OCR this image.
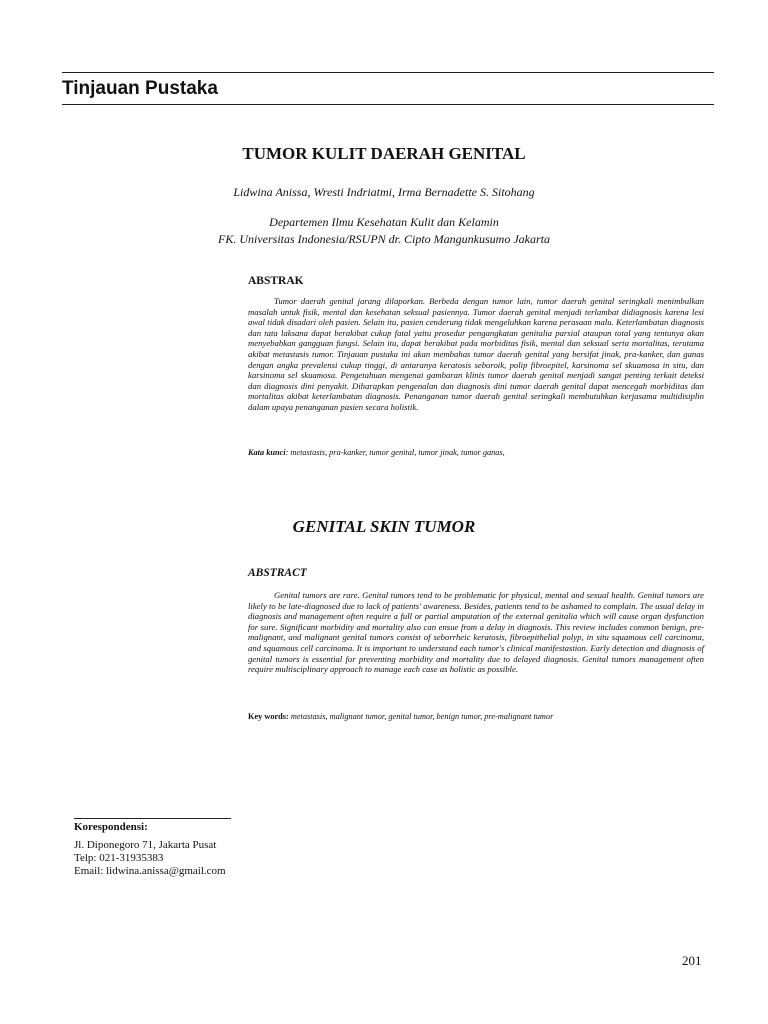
Tinjauan Pustaka
TUMOR KULIT DAERAH GENITAL
Lidwina Anissa, Wresti Indriatmi, Irma Bernadette S. Sitohang
Departemen Ilmu Kesehatan Kulit dan Kelamin
FK. Universitas Indonesia/RSUPN dr. Cipto Mangunkusumo Jakarta
ABSTRAK
Tumor daerah genital jarang dilaporkan. Berbeda dengan tumor lain, tumor daerah genital seringkali menimbulkan masalah untuk fisik, mental dan kesehatan seksual pasiennya. Tumor daerah genital menjadi terlambat didiagnosis karena lesi awal tidak disadari oleh pasien. Selain itu, pasien cenderung tidak mengeluhkan karena perasaan malu. Keterlambatan diagnosis dan tata laksana dapat berakibat cukup fatal yaitu prosedur pengangkatan genitalia parsial ataupun total yang tentunya akan menyebabkan gangguan fungsi. Selain itu, dapat berakibat pada morbiditas fisik, mental dan seksual serta mortalitas, terutama akibat metastasis tumor. Tinjauan pustaka ini akan membahas tumor daerah genital yang bersifat jinak, pra-kanker, dan ganas dengan angka prevalensi cukup tinggi, di antaranya keratosis seboroik, polip fibroepitel, karsinoma sel skuamosa in situ, dan karsinoma sel skuamosa. Pengetahuan mengenai gambaran klinis tumor daerah genital menjadi sangat penting terkait deteksi dan diagnosis dini penyakit. Diharapkan pengenalan dan diagnosis dini tumor daerah genital dapat mencegah morbiditas dan mortalitas akibat keterlambatan diagnosis. Penanganan tumor daerah genital seringkali membutuhkan kerjasama multidisiplin dalam upaya penanganan pasien secara holistik.
Kata kunci: metastasis, pra-kanker, tumor genital, tumor jinak, tumor ganas,
GENITAL SKIN TUMOR
ABSTRACT
Genital tumors are rare. Genital tumors tend to be problematic for physical, mental and sexual health. Genital tumors are likely to be late-diagnosed due to lack of patients' awareness. Besides, patients tend to be ashamed to complain. The usual delay in diagnosis and management often require a full or partial amputation of the external genitalia which will cause organ dysfunction for sure. Significant morbidity and mortality also can ensue from a delay in diagnosis. This review includes common benign, pre-malignant, and malignant genital tumors consist of seborrheic keratosis, fibroepithelial polyp, in situ squamous cell carcinoma, and squamous cell carcinoma. It is important to understand each tumor's clinical manifestastion. Early detection and diagnosis of genital tumors is essential for preventing morbidity and mortality due to delayed diagnosis. Genital tumors management often require multisciplinary approach to manage each case as holistic as possible.
Key words: metastasis, malignant tumor, genital tumor, benign tumor, pre-malignant tumor
Korespondensi:
Jl. Diponegoro 71, Jakarta Pusat
Telp: 021-31935383
Email: lidwina.anissa@gmail.com
201
